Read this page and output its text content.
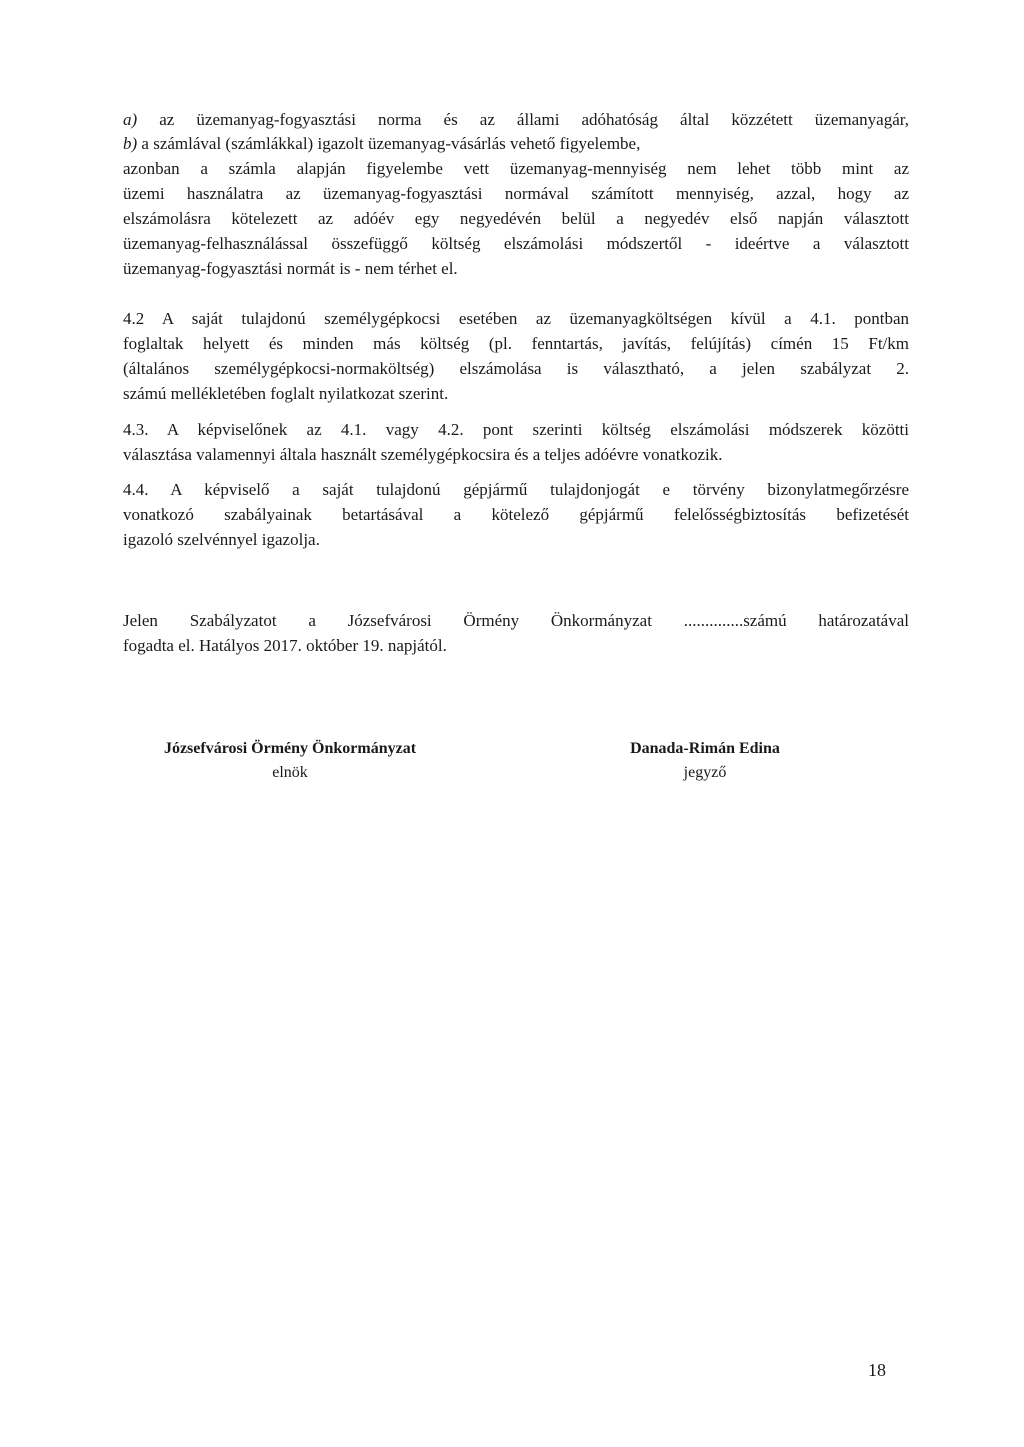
a) az üzemanyag-fogyasztási norma és az állami adóhatóság által közzétett üzemanyagár,
b) a számlával (számlákkal) igazolt üzemanyag-vásárlás vehető figyelembe,
azonban a számla alapján figyelembe vett üzemanyag-mennyiség nem lehet több mint az
üzemi használatra az üzemanyag-fogyasztási normával számított mennyiség, azzal, hogy az
elszámolásra kötelezett az adóév egy negyedévén belül a negyedév első napján választott
üzemanyag-felhasználással összefüggő költség elszámolási módszertől - ideértve a választott
üzemanyag-fogyasztási normát is - nem térhet el.
4.2 A saját tulajdonú személygépkocsi esetében az üzemanyagköltségen kívül a 4.1. pontban
foglaltak helyett és minden más költség (pl. fenntartás, javítás, felújítás) címén 15 Ft/km
(általános személygépkocsi-normaköltség) elszámolása is választható, a jelen szabályzat 2.
számú mellékletében foglalt nyilatkozat szerint.
4.3. A képviselőnek az 4.1. vagy 4.2. pont szerinti költség elszámolási módszerek közötti
választása valamennyi általa használt személygépkocsira és a teljes adóévre vonatkozik.
4.4. A képviselő a saját tulajdonú gépjármű tulajdonjogát e törvény bizonylatmegőrzésre
vonatkozó szabályainak betartásával a kötelező gépjármű felelősségbiztosítás befizetését
igazoló szelvénnyel igazolja.
Jelen Szabályzatot a Józsefvárosi Örmény Önkormányzat ..............számú határozatával
fogadta el. Hatályos 2017. október 19. napjától.
Józsefvárosi Örmény Önkormányzat
elnök
Danada-Rimán Edina
jegyző
18
